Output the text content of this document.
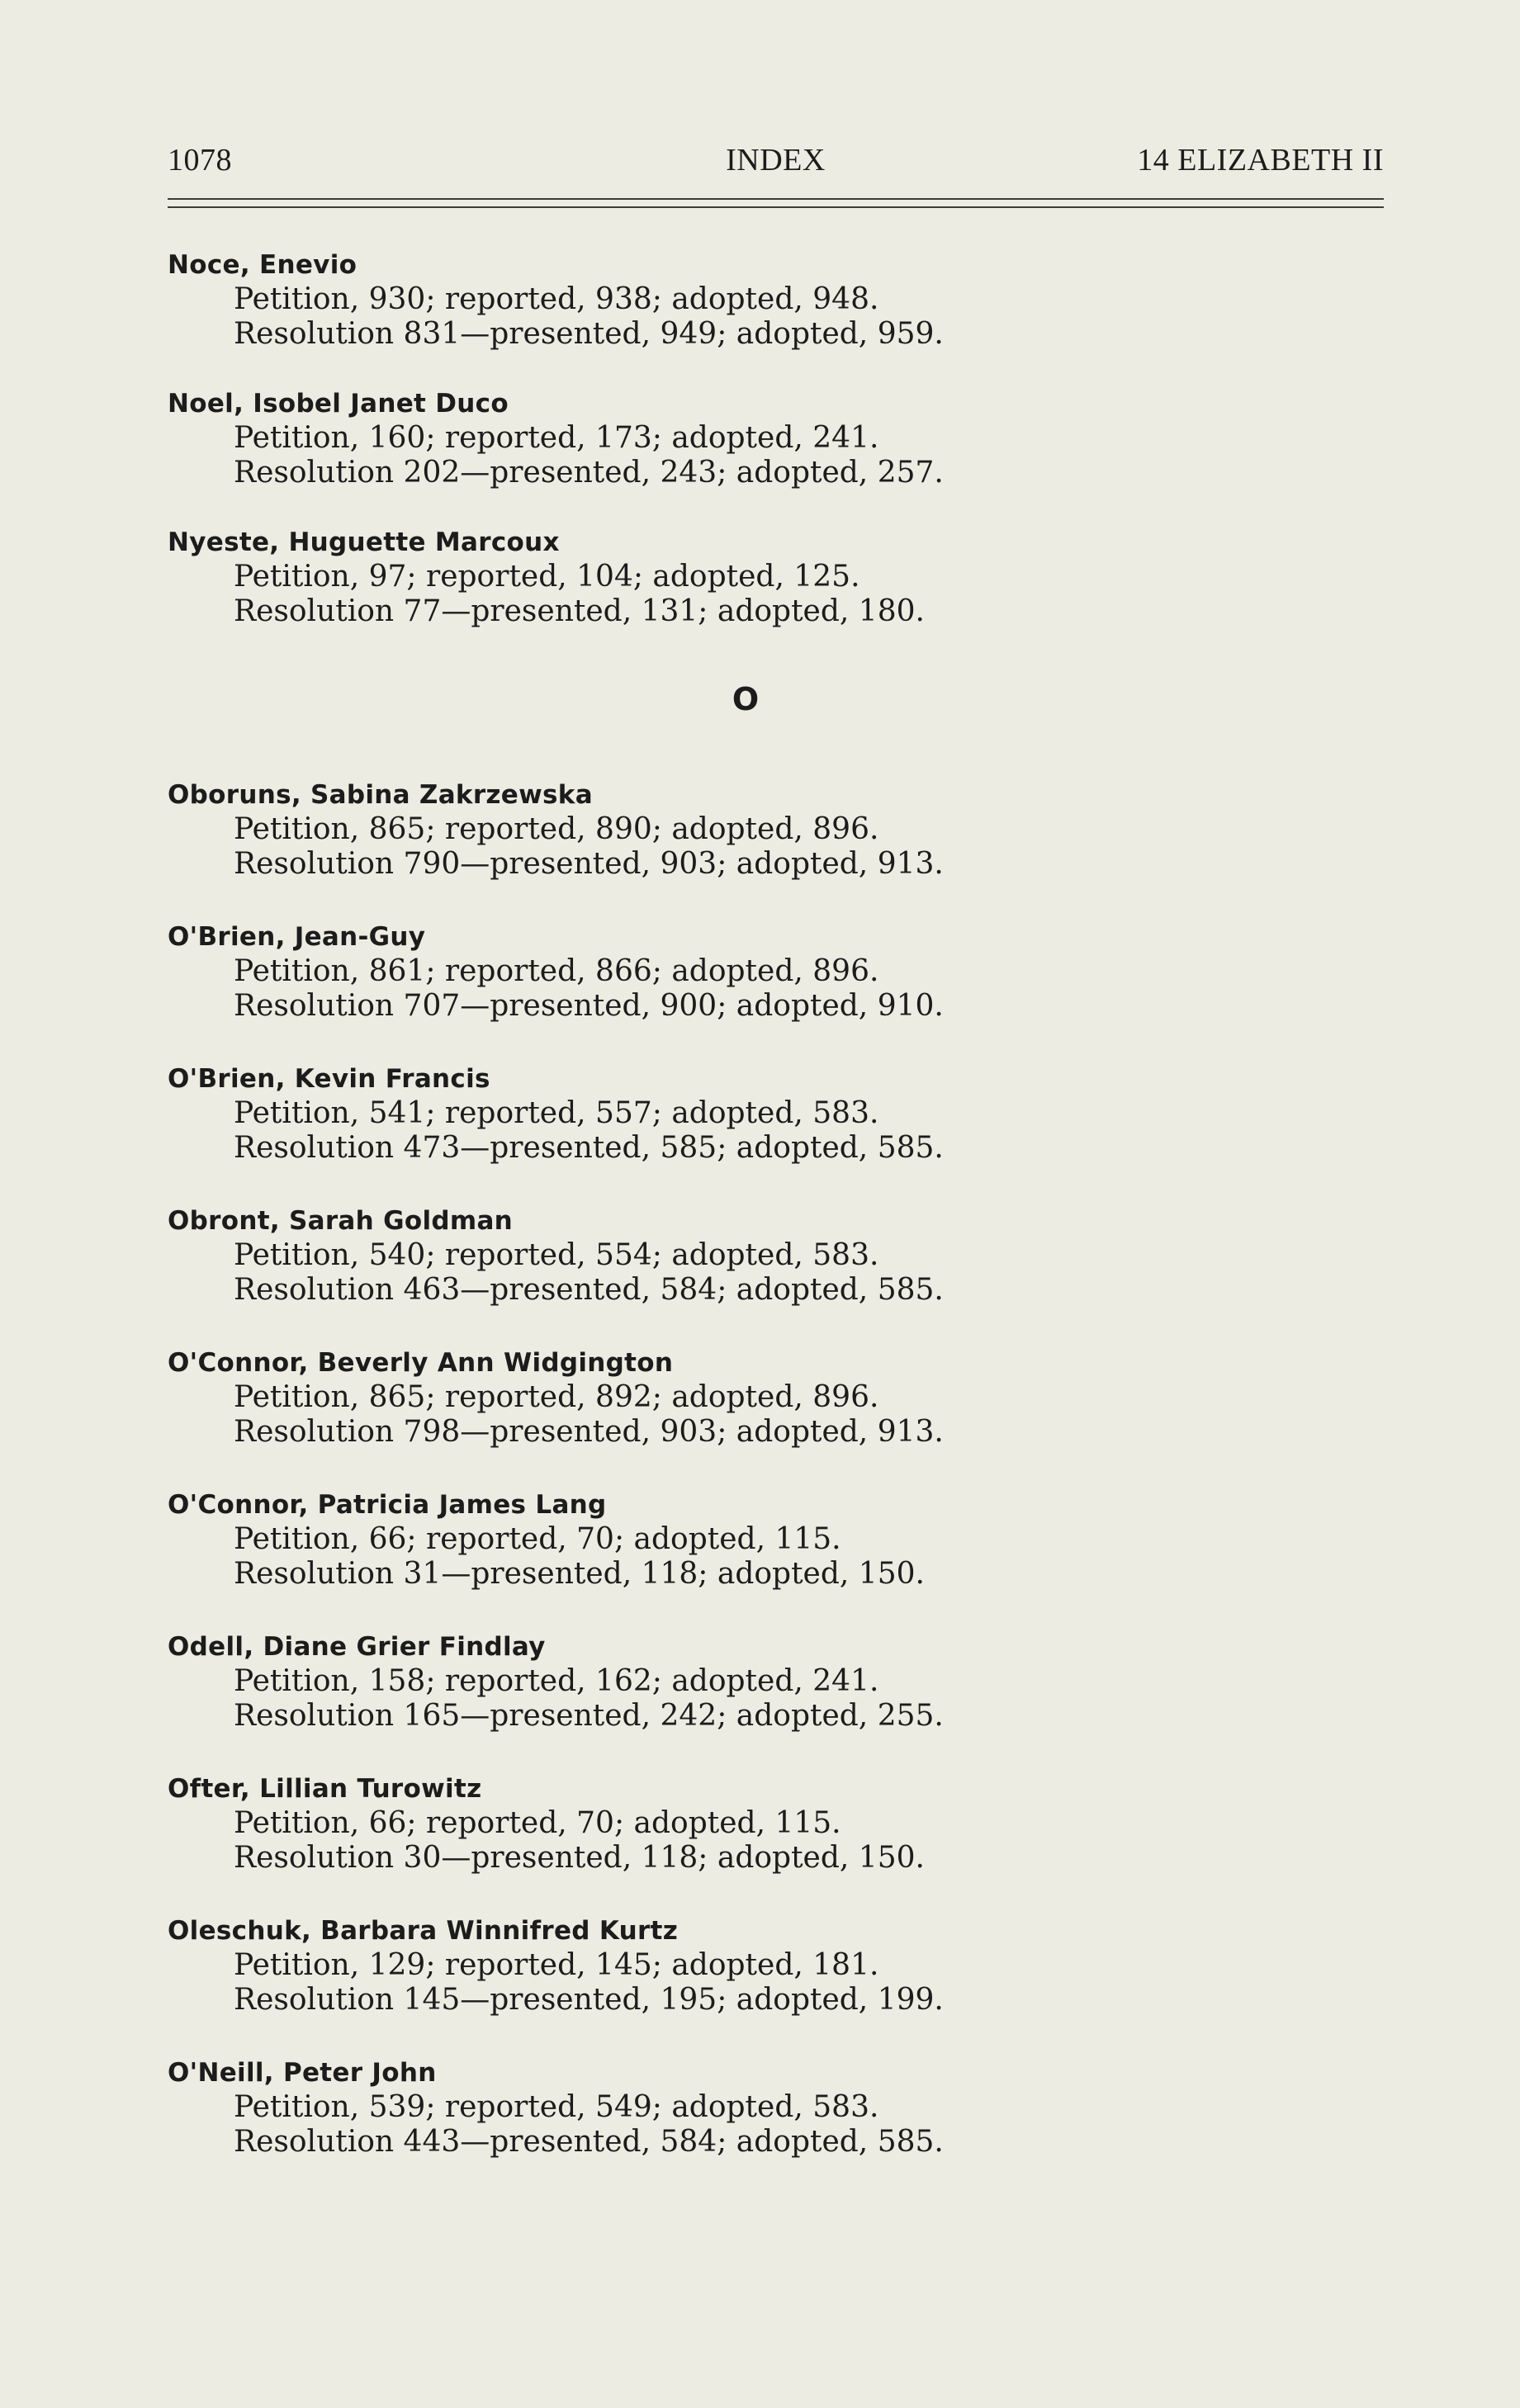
1078	INDEX	14 ELIZABETH II
Noce, Enevio
Petition, 930; reported, 938; adopted, 948.
Resolution 831—presented, 949; adopted, 959.
Noel, Isobel Janet Duco
Petition, 160; reported, 173; adopted, 241.
Resolution 202—presented, 243; adopted, 257.
Nyeste, Huguette Marcoux
Petition, 97; reported, 104; adopted, 125.
Resolution 77—presented, 131; adopted, 180.
O
Oboruns, Sabina Zakrzewska
Petition, 865; reported, 890; adopted, 896.
Resolution 790—presented, 903; adopted, 913.
O'Brien, Jean-Guy
Petition, 861; reported, 866; adopted, 896.
Resolution 707—presented, 900; adopted, 910.
O'Brien, Kevin Francis
Petition, 541; reported, 557; adopted, 583.
Resolution 473—presented, 585; adopted, 585.
Obront, Sarah Goldman
Petition, 540; reported, 554; adopted, 583.
Resolution 463—presented, 584; adopted, 585.
O'Connor, Beverly Ann Widgington
Petition, 865; reported, 892; adopted, 896.
Resolution 798—presented, 903; adopted, 913.
O'Connor, Patricia James Lang
Petition, 66; reported, 70; adopted, 115.
Resolution 31—presented, 118; adopted, 150.
Odell, Diane Grier Findlay
Petition, 158; reported, 162; adopted, 241.
Resolution 165—presented, 242; adopted, 255.
Ofter, Lillian Turowitz
Petition, 66; reported, 70; adopted, 115.
Resolution 30—presented, 118; adopted, 150.
Oleschuk, Barbara Winnifred Kurtz
Petition, 129; reported, 145; adopted, 181.
Resolution 145—presented, 195; adopted, 199.
O'Neill, Peter John
Petition, 539; reported, 549; adopted, 583.
Resolution 443—presented, 584; adopted, 585.
